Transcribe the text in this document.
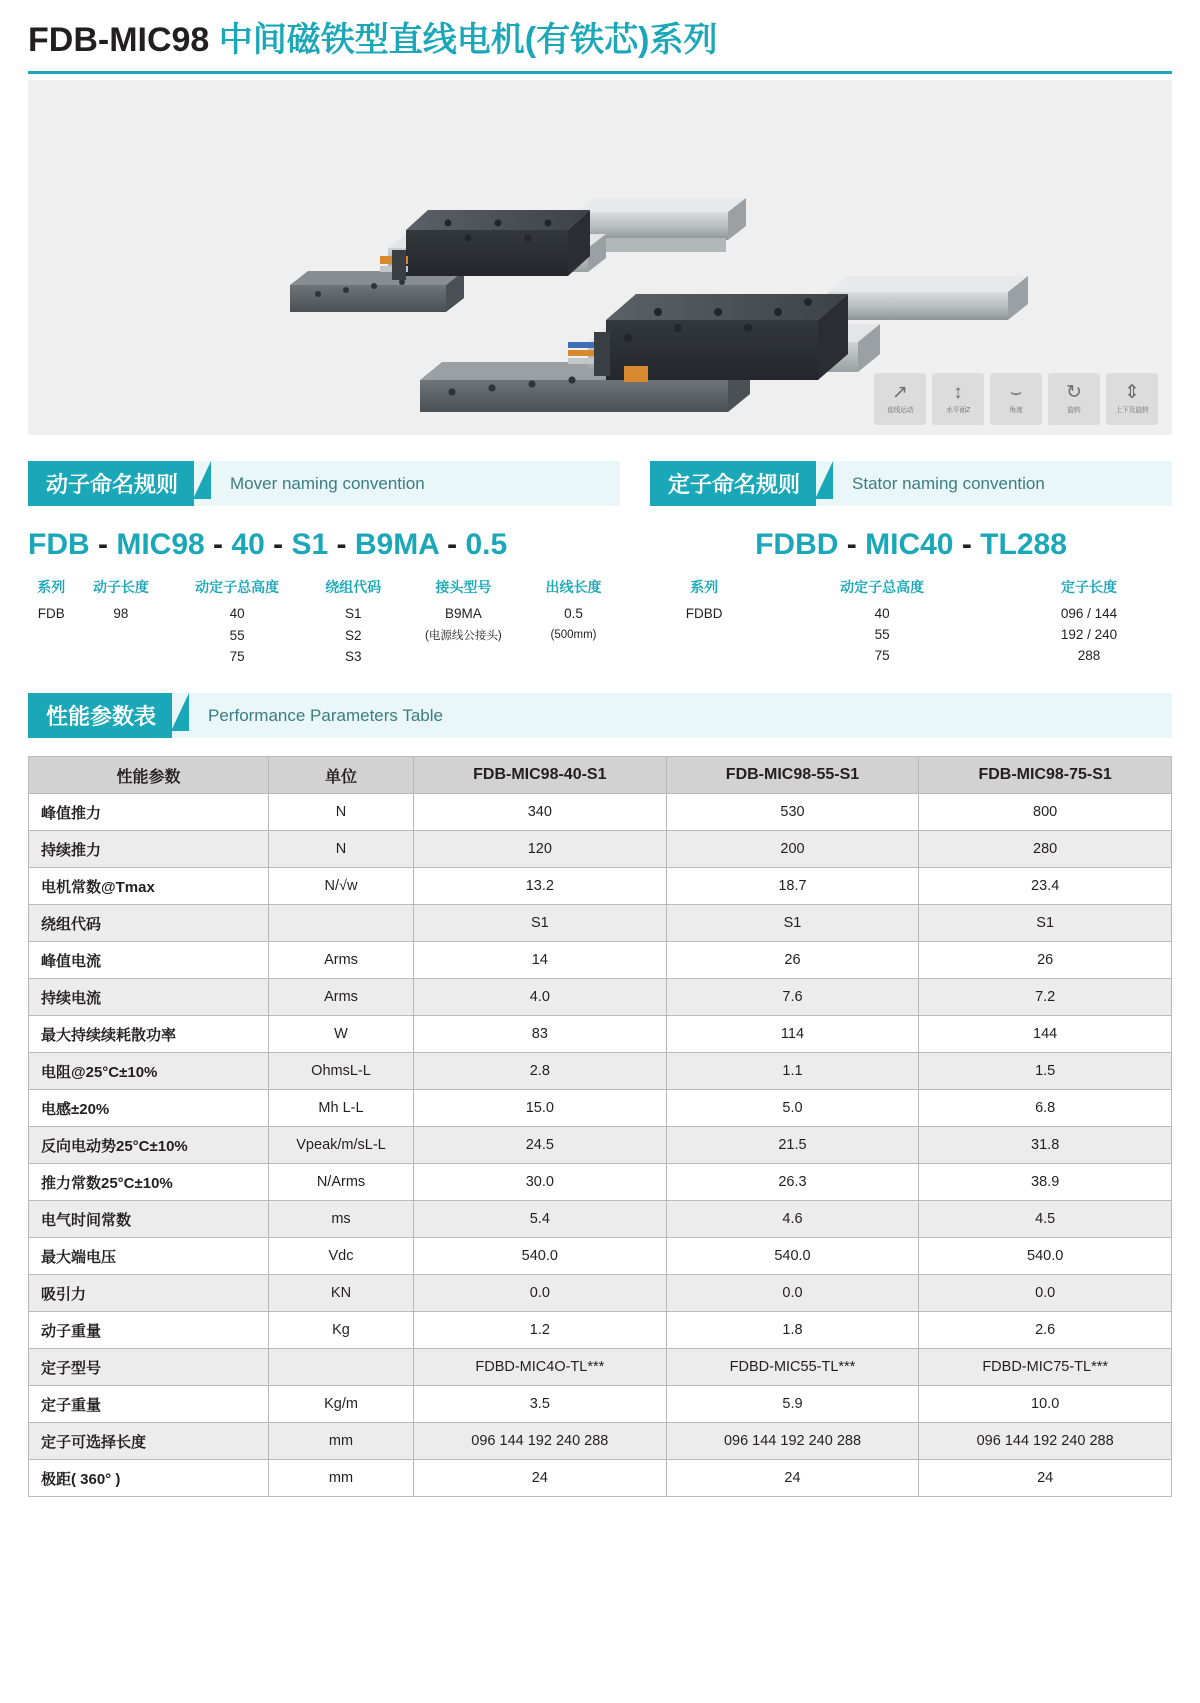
FDB-MIC98 中间磁铁型直线电机(有铁芯)系列
↗
直线运动
↕
水平面Z
⌣
角度
↻
旋转
⇕
上下及旋转
动子命名规则	Mover naming convention
FDB - MIC98 - 40 - S1 - B9MA - 0.5
系列	动子长度	动定子总高度	绕组代码	接头型号	出线长度
FDB	98	40	S1	B9MA	0.5
		55	S2	(电源线公接头)	(500mm)
		75	S3		
定子命名规则	Stator naming convention
FDBD - MIC40 - TL288
系列	动定子总高度	定子长度
FDBD	40	096 / 144
	55	192 / 240
	75	288
性能参数表	Performance Parameters Table
性能参数	单位	FDB-MIC98-40-S1	FDB-MIC98-55-S1	FDB-MIC98-75-S1
峰值推力	N	340	530	800
持续推力	N	120	200	280
电机常数@Tmax	N/√w	13.2	18.7	23.4
绕组代码		S1	S1	S1
峰值电流	Arms	14	26	26
持续电流	Arms	4.0	7.6	7.2
最大持续续耗散功率	W	83	114	144
电阻@25°C±10%	OhmsL-L	2.8	1.1	1.5
电感±20%	Mh L-L	15.0	5.0	6.8
反向电动势25°C±10%	Vpeak/m/sL-L	24.5	21.5	31.8
推力常数25°C±10%	N/Arms	30.0	26.3	38.9
电气时间常数	ms	5.4	4.6	4.5
最大端电压	Vdc	540.0	540.0	540.0
吸引力	KN	0.0	0.0	0.0
动子重量	Kg	1.2	1.8	2.6
定子型号		FDBD-MIC4O-TL***	FDBD-MIC55-TL***	FDBD-MIC75-TL***
定子重量	Kg/m	3.5	5.9	10.0
定子可选择长度	mm	096 144 192 240 288	096 144 192 240 288	096 144 192 240 288
极距( 360° )	mm	24	24	24
